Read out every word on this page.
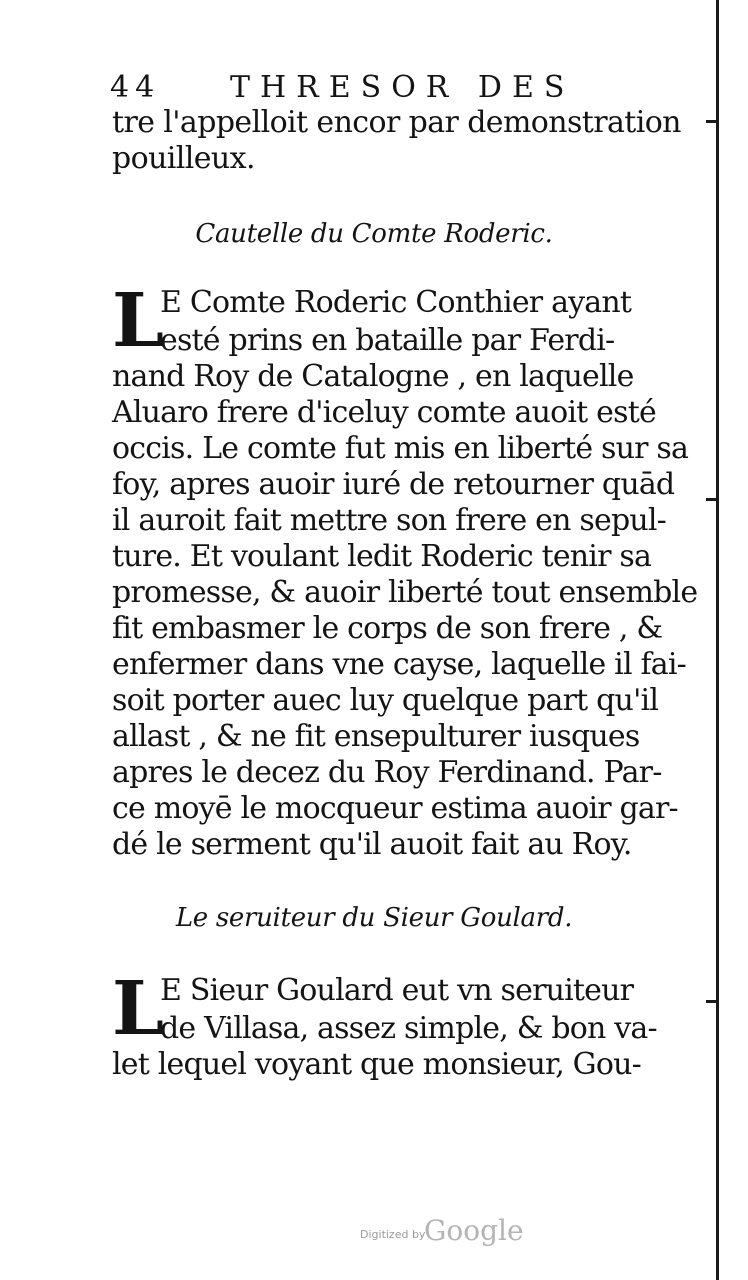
44 THRESOR DES
tre l'appelloit encor par demonstration
pouilleux.
Cautelle du Comte Roderic.
L
E Comte Roderic Conthier ayant
esté prins en bataille par Ferdi-
nand Roy de Catalogne , en laquelle
Aluaro frere d'iceluy comte auoit esté
occis. Le comte fut mis en liberté sur sa
foy, apres auoir iuré de retourner quād
il auroit fait mettre son frere en sepul-
ture. Et voulant ledit Roderic tenir sa
promesse, & auoir liberté tout ensemble
fit embasmer le corps de son frere , &
enfermer dans vne cayse, laquelle il fai-
soit porter auec luy quelque part qu'il
allast , & ne fit ensepulturer iusques
apres le decez du Roy Ferdinand. Par-
ce moyē le mocqueur estima auoir gar-
dé le serment qu'il auoit fait au Roy.
Le seruiteur du Sieur Goulard.
L
E Sieur Goulard eut vn seruiteur
de Villasa, assez simple, & bon va-
let lequel voyant que monsieur, Gou-
Digitized by
Google
